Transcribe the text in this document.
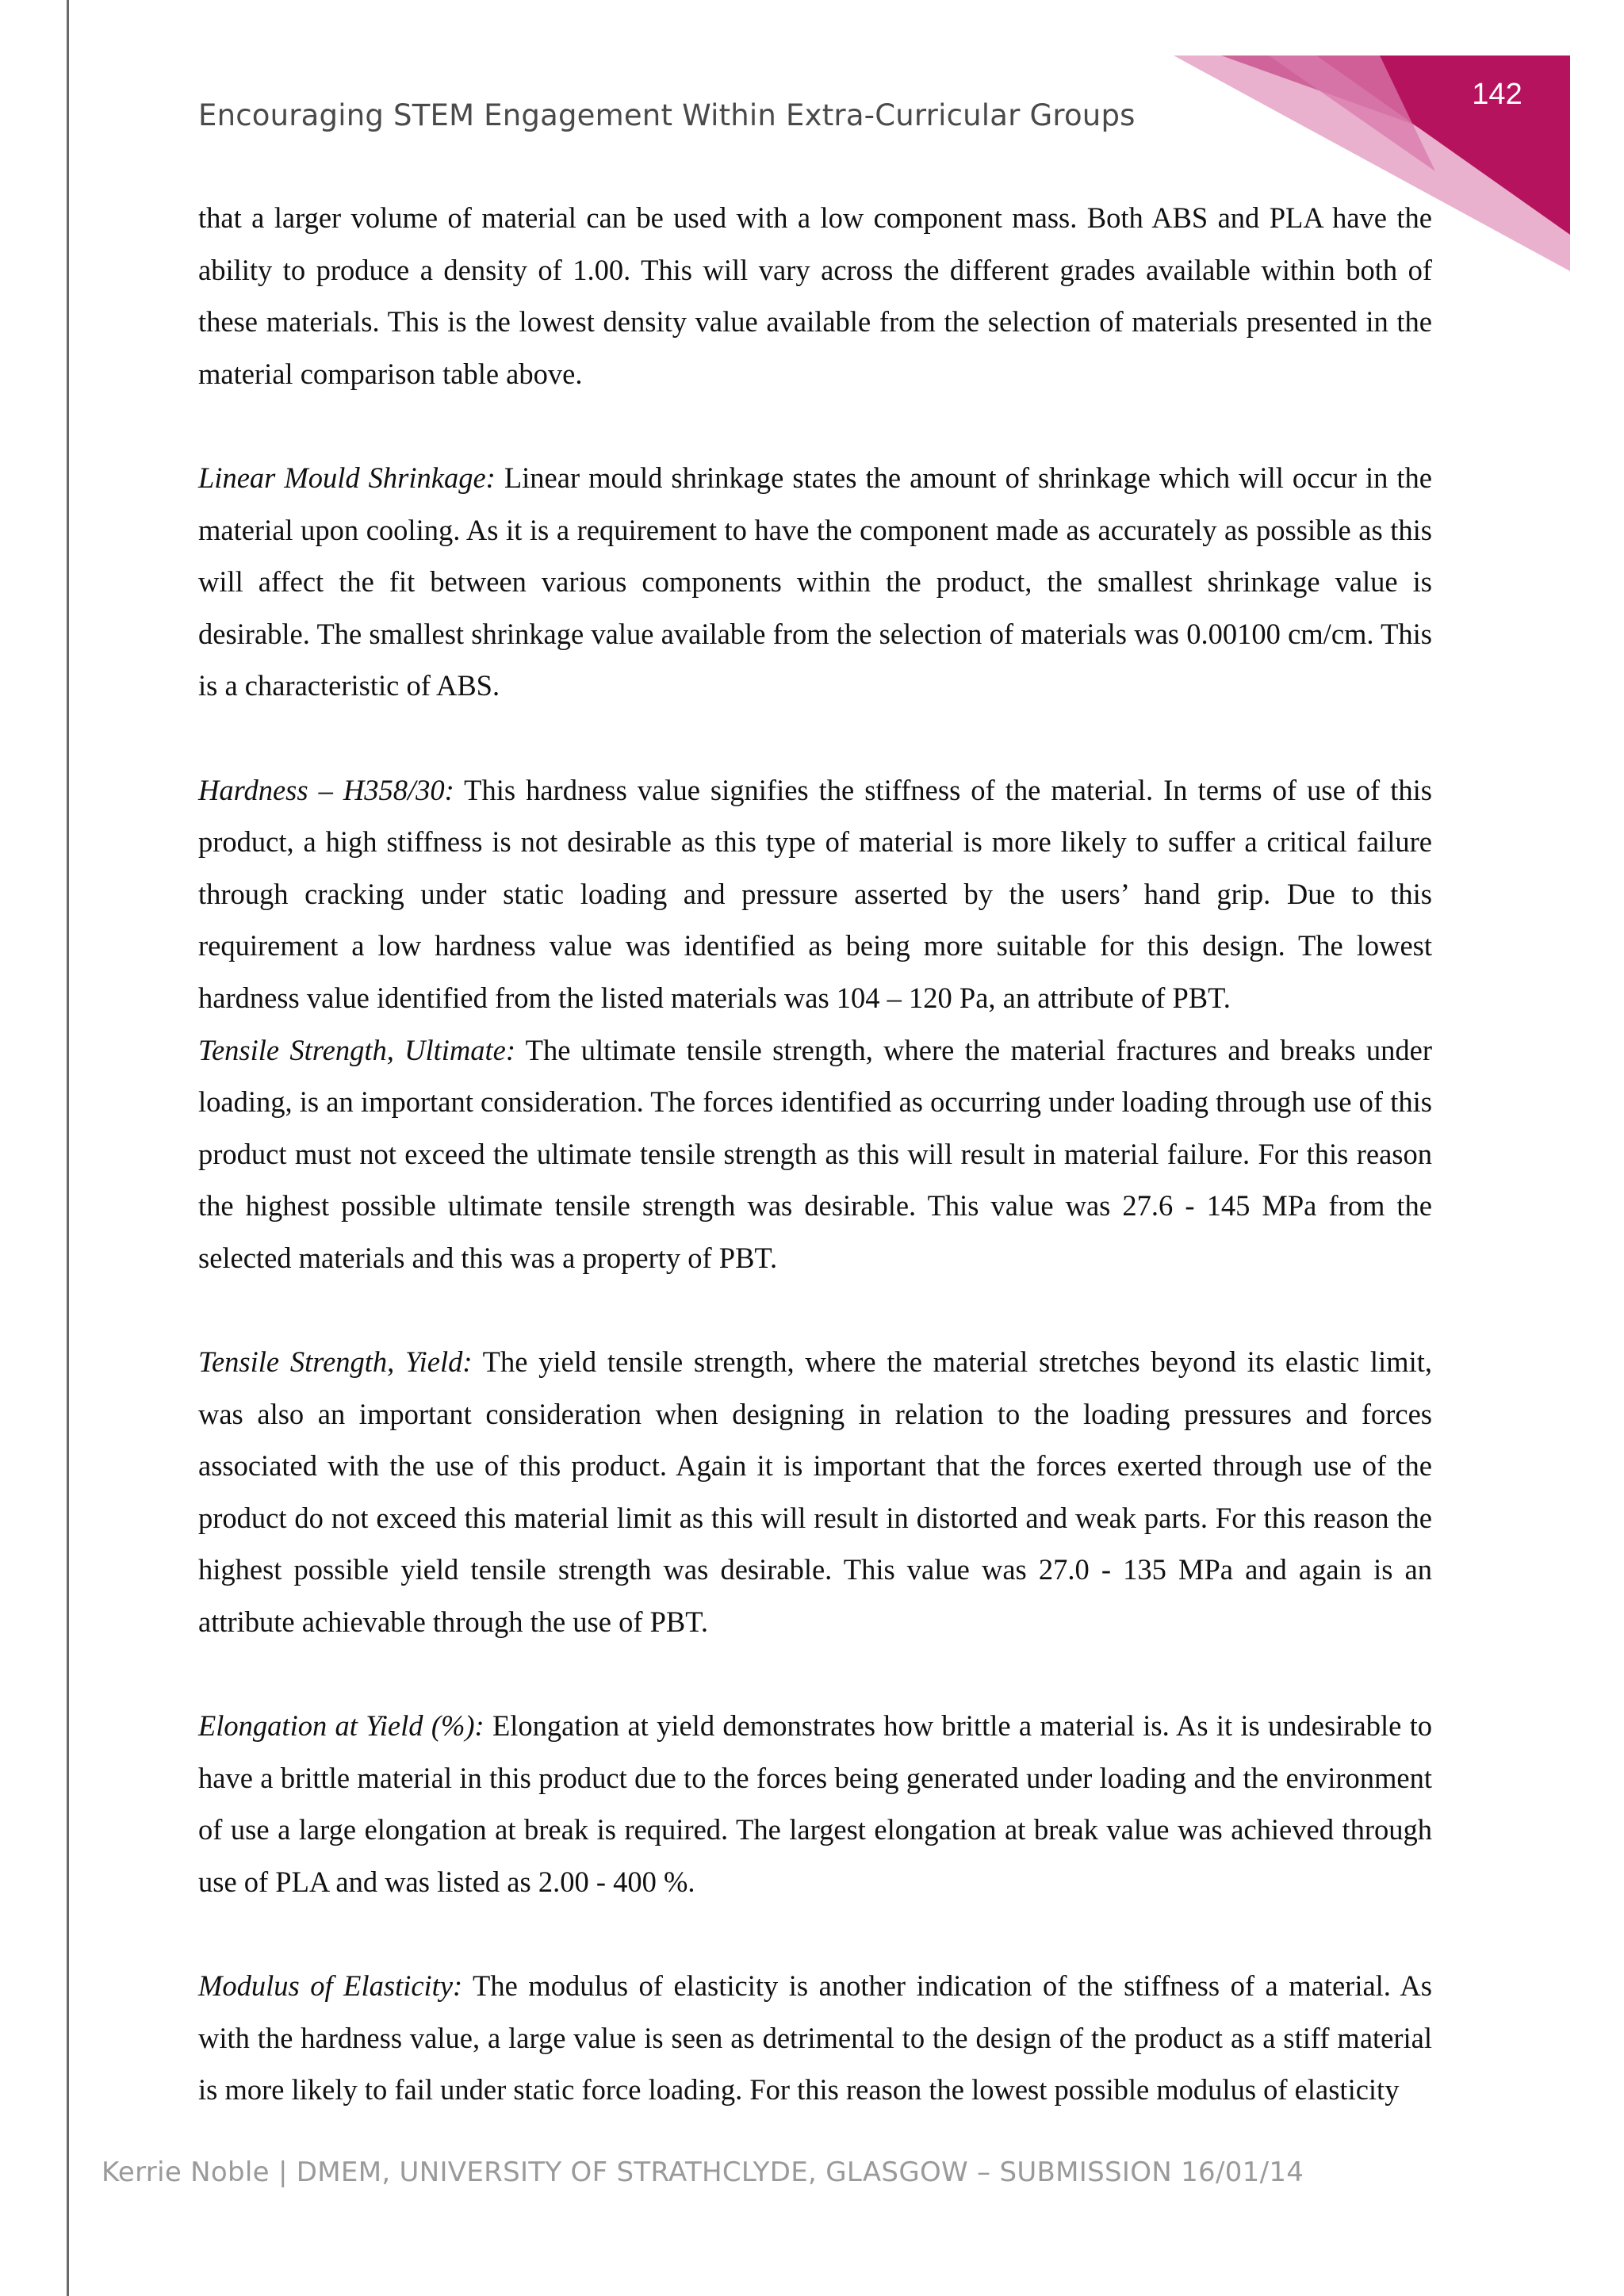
142
Encouraging STEM Engagement Within Extra-Curricular Groups

that a larger volume of material can be used with a low component mass. Both ABS and PLA have the ability to produce a density of 1.00. This will vary across the different grades available within both of these materials. This is the lowest density value available from the selection of materials presented in the material comparison table above.

Linear Mould Shrinkage: Linear mould shrinkage states the amount of shrinkage which will occur in the material upon cooling. As it is a requirement to have the component made as accurately as possible as this will affect the fit between various components within the product, the smallest shrinkage value is desirable. The smallest shrinkage value available from the selection of materials was 0.00100 cm/cm. This is a characteristic of ABS.

Hardness – H358/30: This hardness value signifies the stiffness of the material. In terms of use of this product, a high stiffness is not desirable as this type of material is more likely to suffer a critical failure through cracking under static loading and pressure asserted by the users’ hand grip. Due to this requirement a low hardness value was identified as being more suitable for this design. The lowest hardness value identified from the listed materials was 104 – 120 Pa, an attribute of PBT.

Tensile Strength, Ultimate: The ultimate tensile strength, where the material fractures and breaks under loading, is an important consideration. The forces identified as occurring under loading through use of this product must not exceed the ultimate tensile strength as this will result in material failure. For this reason the highest possible ultimate tensile strength was desirable. This value was 27.6 - 145 MPa from the selected materials and this was a property of PBT.

Tensile Strength, Yield: The yield tensile strength, where the material stretches beyond its elastic limit, was also an important consideration when designing in relation to the loading pressures and forces associated with the use of this product. Again it is important that the forces exerted through use of the product do not exceed this material limit as this will result in distorted and weak parts. For this reason the highest possible yield tensile strength was desirable. This value was 27.0 - 135 MPa and again is an attribute achievable through the use of PBT.

Elongation at Yield (%): Elongation at yield demonstrates how brittle a material is. As it is undesirable to have a brittle material in this product due to the forces being generated under loading and the environment of use a large elongation at break is required. The largest elongation at break value was achieved through use of PLA and was listed as 2.00 - 400 %.

Modulus of Elasticity: The modulus of elasticity is another indication of the stiffness of a material. As with the hardness value, a large value is seen as detrimental to the design of the product as a stiff material is more likely to fail under static force loading. For this reason the lowest possible modulus of elasticity

Kerrie Noble | DMEM, UNIVERSITY OF STRATHCLYDE, GLASGOW – SUBMISSION 16/01/14
